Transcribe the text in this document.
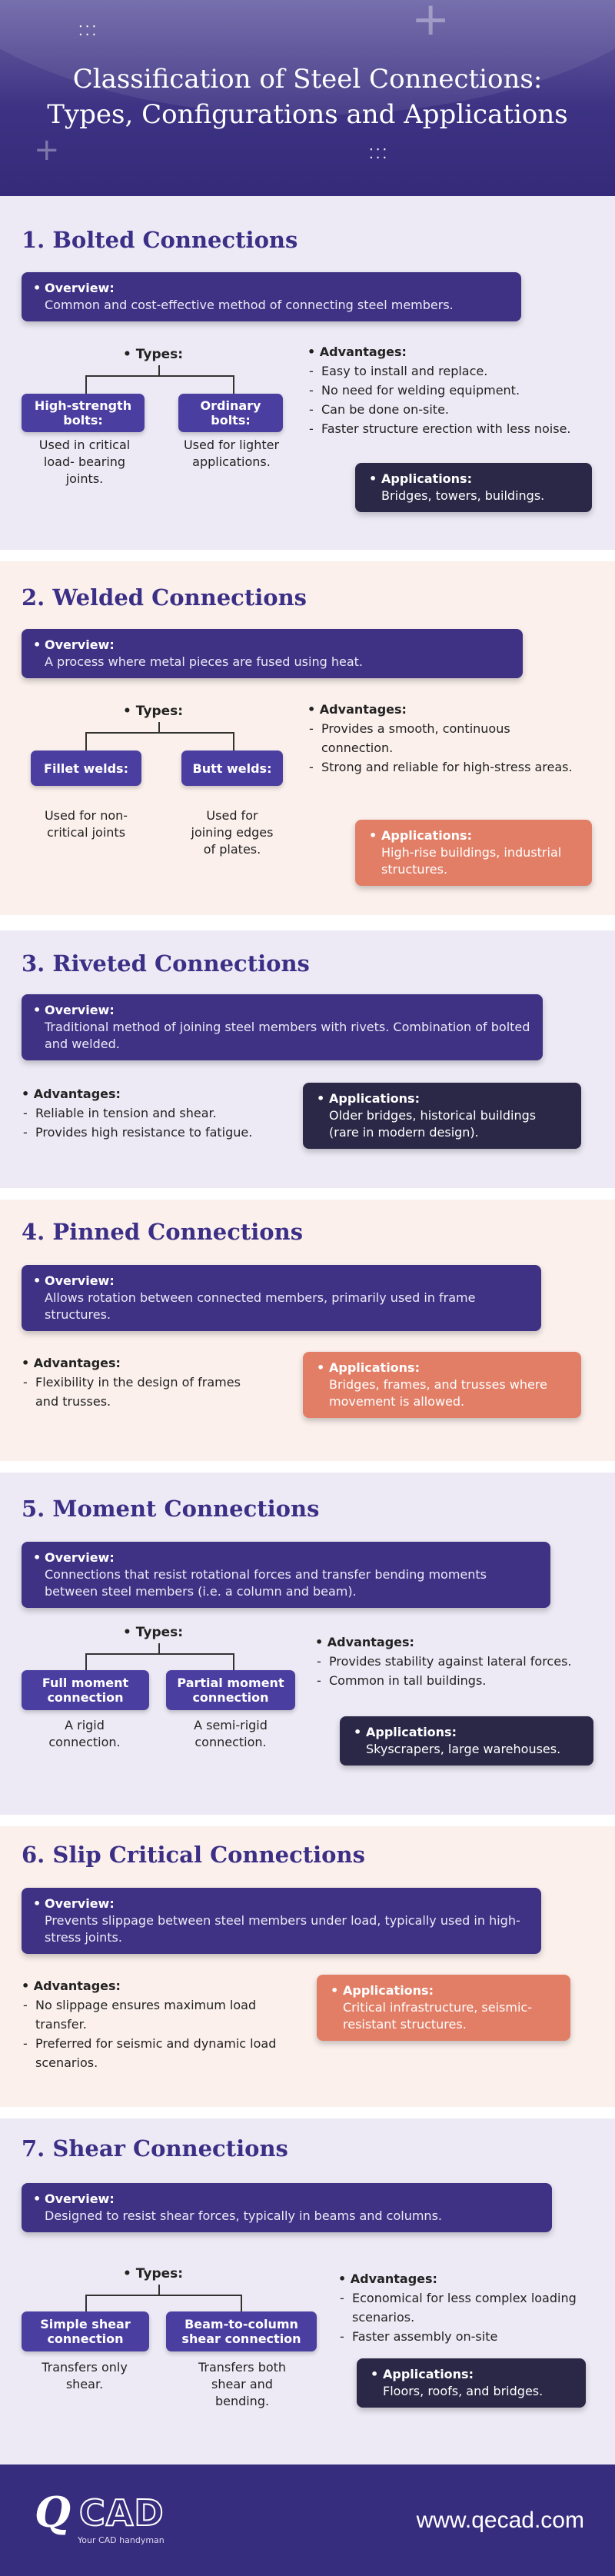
⁚⁚⁚
⁚⁚⁚
+
+
Classification of Steel Connections:
Types, Configurations and Applications
1. Bolted Connections
• Overview:
Common and cost-effective method of connecting steel members.
• Types:
High-strength bolts:
Ordinary bolts:
Used in critical load- bearing joints.
Used for lighter applications.
• Advantages:
- Easy to install and replace.
- No need for welding equipment.
- Can be done on-site.
- Faster structure erection with less noise.
• Applications:
Bridges, towers, buildings.
2. Welded Connections
• Overview:
A process where metal pieces are fused using heat.
• Types:
Fillet welds:	Butt welds:
Used for non-critical joints
Used for joining edges of plates.
• Advantages:
- Provides a smooth, continuous connection.
- Strong and reliable for high-stress areas.
• Applications:
High-rise buildings, industrial structures.
3. Riveted Connections
• Overview:
Traditional method of joining steel members with rivets. Combination of bolted and welded.
• Advantages:
- Reliable in tension and shear.
- Provides high resistance to fatigue.
• Applications:
Older bridges, historical buildings (rare in modern design).
4. Pinned Connections
• Overview:
Allows rotation between connected members, primarily used in frame structures.
• Advantages:
- Flexibility in the design of frames and trusses.
• Applications:
Bridges, frames, and trusses where movement is allowed.
5. Moment Connections
• Overview:
Connections that resist rotational forces and transfer bending moments between steel members (i.e. a column and beam).
• Types:
Full moment connection
Partial moment connection
A rigid connection.
A semi-rigid connection.
• Advantages:
- Provides stability against lateral forces.
- Common in tall buildings.
• Applications:
Skyscrapers, large warehouses.
6. Slip Critical Connections
• Overview:
Prevents slippage between steel members under load, typically used in high-stress joints.
• Advantages:
- No slippage ensures maximum load transfer.
- Preferred for seismic and dynamic load scenarios.
• Applications:
Critical infrastructure, seismic-resistant structures.
7. Shear Connections
• Overview:
Designed to resist shear forces, typically in beams and columns.
• Types:
Simple shear connection
Beam-to-column shear connection
Transfers only shear.
Transfers both shear and bending.
• Advantages:
- Economical for less complex loading scenarios.
- Faster assembly on-site
• Applications:
Floors, roofs, and bridges.
Q CAD
Your CAD handyman
www.qecad.com
